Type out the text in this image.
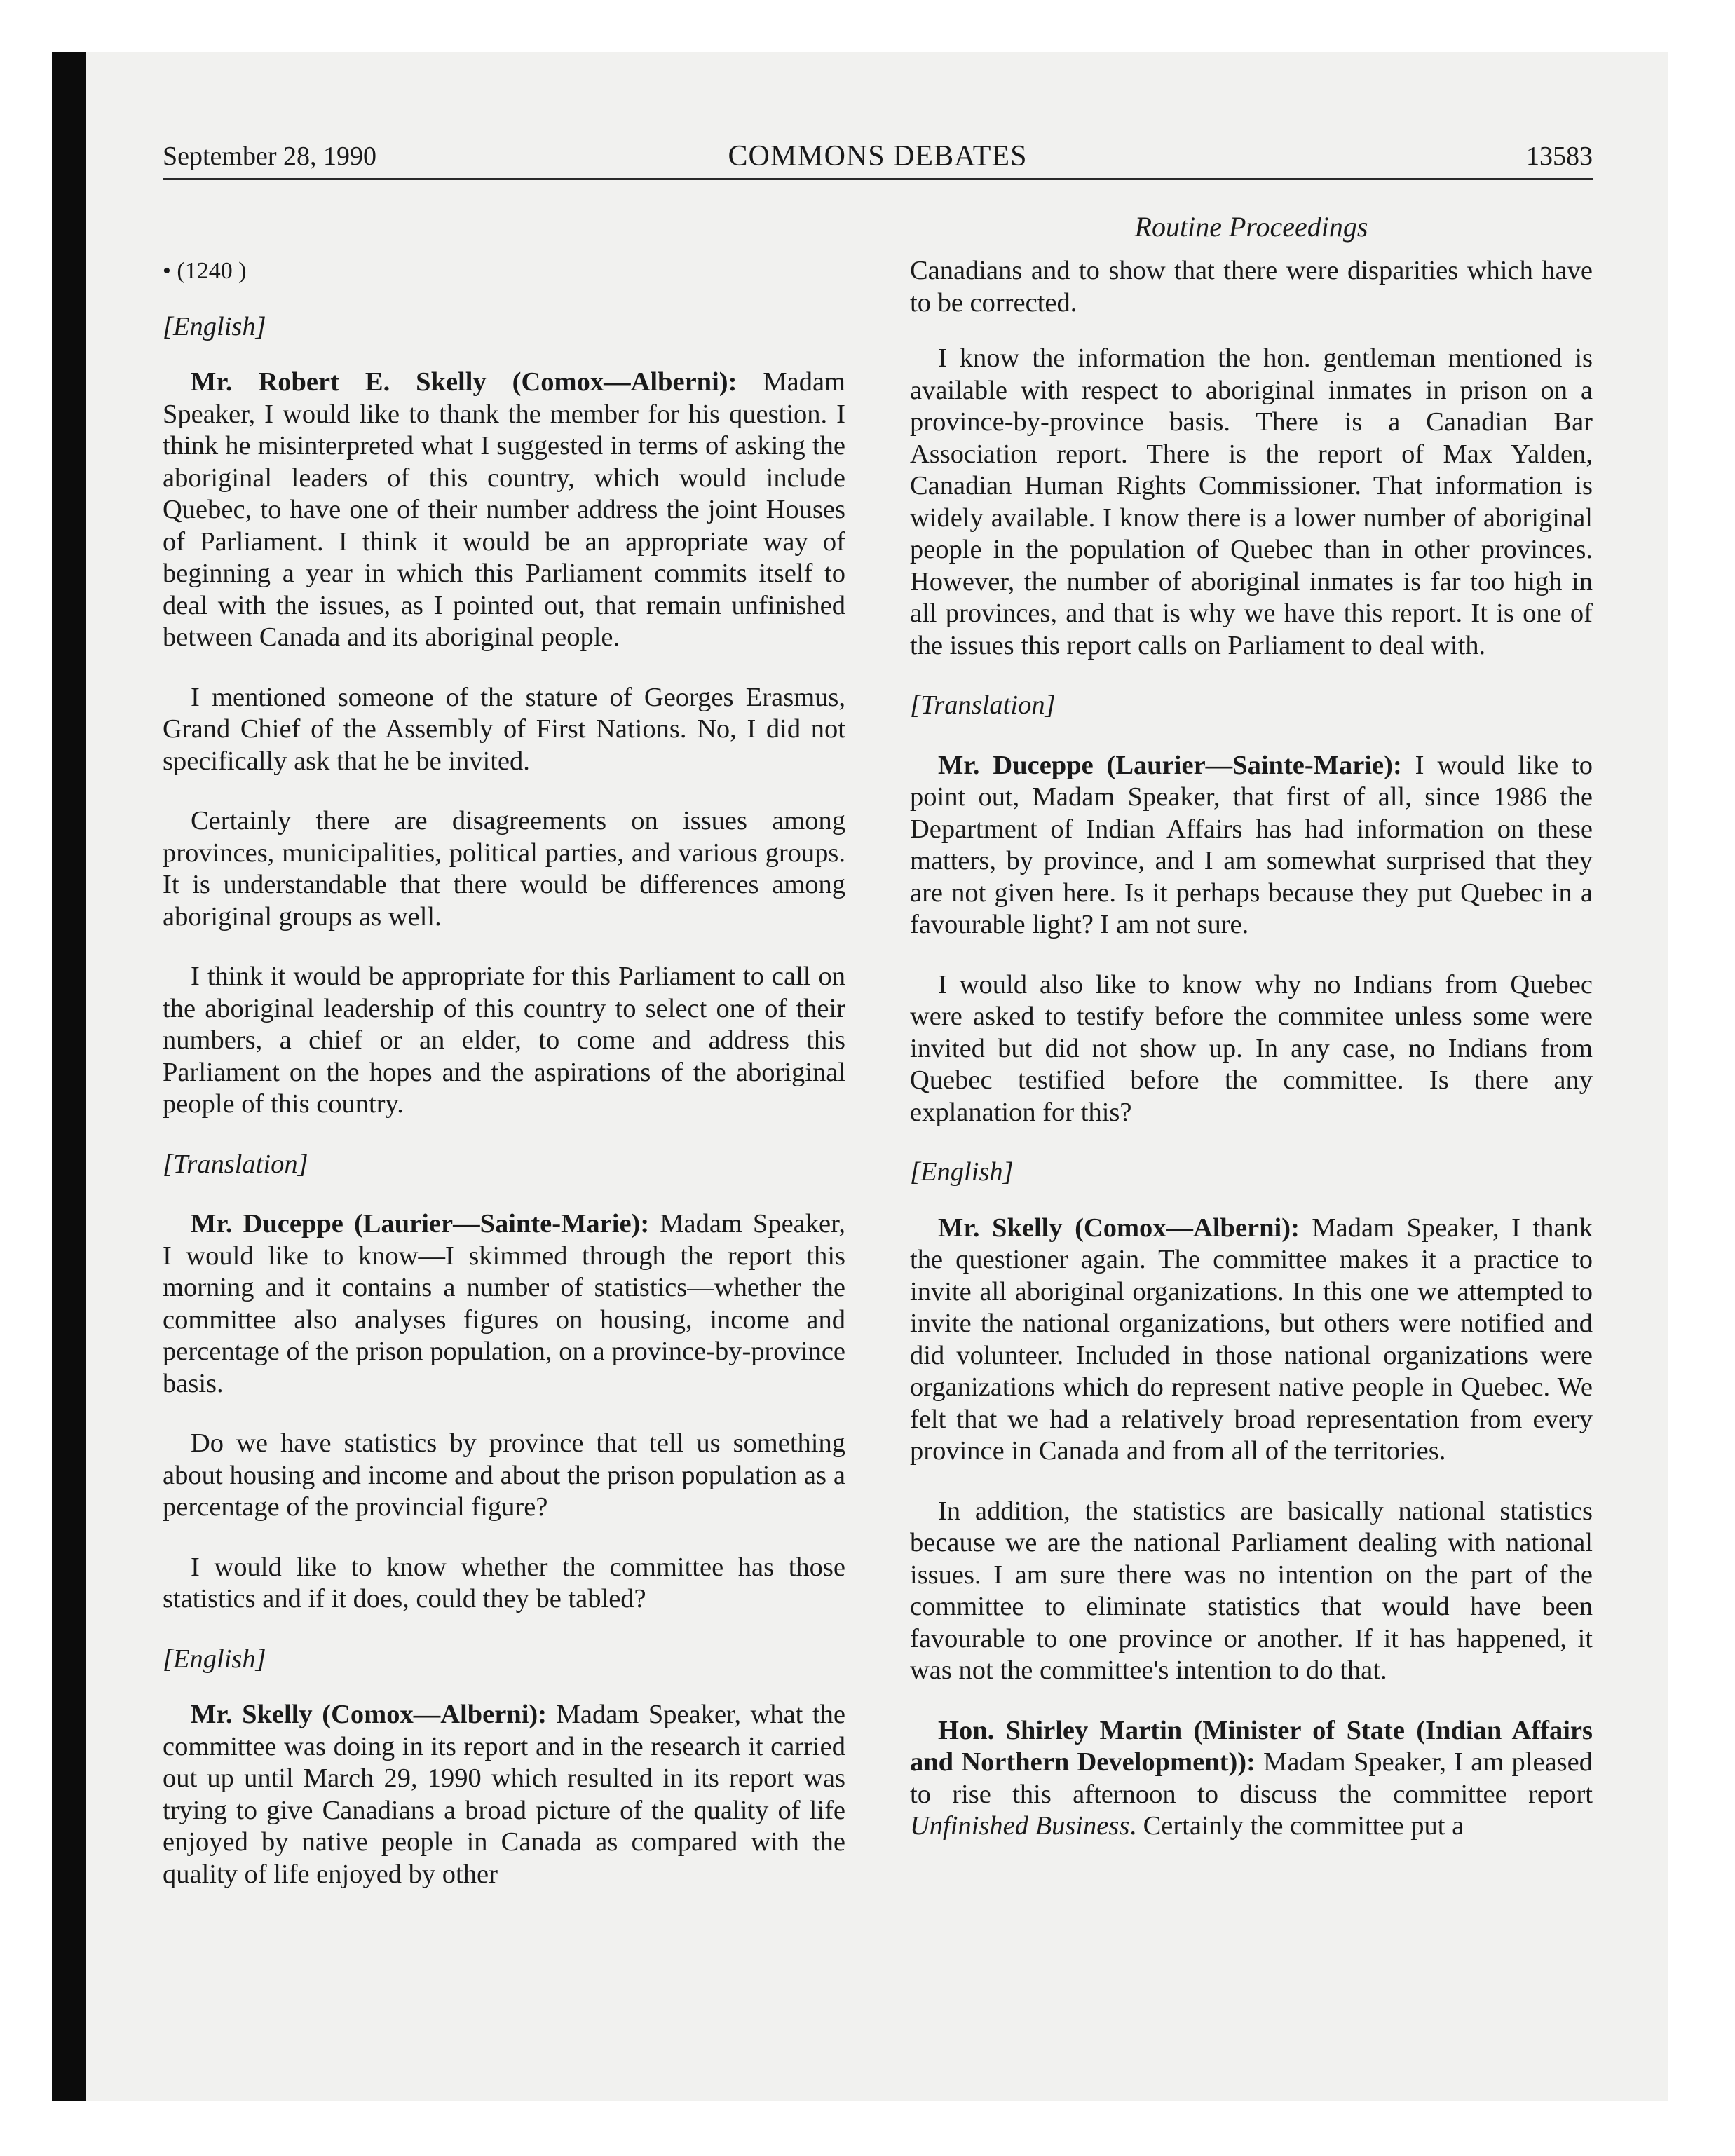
September 28, 1990	COMMONS DEBATES	13583
Routine Proceedings

• (1240 )

[English]

Mr. Robert E. Skelly (Comox—Alberni): Madam Speaker, I would like to thank the member for his question. I think he misinterpreted what I suggested in terms of asking the aboriginal leaders of this country, which would include Quebec, to have one of their number address the joint Houses of Parliament. I think it would be an appropriate way of beginning a year in which this Parliament commits itself to deal with the issues, as I pointed out, that remain unfinished between Canada and its aboriginal people.

I mentioned someone of the stature of Georges Erasmus, Grand Chief of the Assembly of First Nations. No, I did not specifically ask that he be invited.

Certainly there are disagreements on issues among provinces, municipalities, political parties, and various groups. It is understandable that there would be differences among aboriginal groups as well.

I think it would be appropriate for this Parliament to call on the aboriginal leadership of this country to select one of their numbers, a chief or an elder, to come and address this Parliament on the hopes and the aspirations of the aboriginal people of this country.

[Translation]

Mr. Duceppe (Laurier—Sainte-Marie): Madam Speaker, I would like to know—I skimmed through the report this morning and it contains a number of statistics—whether the committee also analyses figures on housing, income and percentage of the prison population, on a province-by-province basis.

Do we have statistics by province that tell us something about housing and income and about the prison population as a percentage of the provincial figure?

I would like to know whether the committee has those statistics and if it does, could they be tabled?

[English]

Mr. Skelly (Comox—Alberni): Madam Speaker, what the committee was doing in its report and in the research it carried out up until March 29, 1990 which resulted in its report was trying to give Canadians a broad picture of the quality of life enjoyed by native people in Canada as compared with the quality of life enjoyed by other

Canadians and to show that there were disparities which have to be corrected.

I know the information the hon. gentleman mentioned is available with respect to aboriginal inmates in prison on a province-by-province basis. There is a Canadian Bar Association report. There is the report of Max Yalden, Canadian Human Rights Commissioner. That information is widely available. I know there is a lower number of aboriginal people in the population of Quebec than in other provinces. However, the number of aboriginal inmates is far too high in all provinces, and that is why we have this report. It is one of the issues this report calls on Parliament to deal with.

[Translation]

Mr. Duceppe (Laurier—Sainte-Marie): I would like to point out, Madam Speaker, that first of all, since 1986 the Department of Indian Affairs has had information on these matters, by province, and I am somewhat surprised that they are not given here. Is it perhaps because they put Quebec in a favourable light? I am not sure.

I would also like to know why no Indians from Quebec were asked to testify before the commitee unless some were invited but did not show up. In any case, no Indians from Quebec testified before the committee. Is there any explanation for this?

[English]

Mr. Skelly (Comox—Alberni): Madam Speaker, I thank the questioner again. The committee makes it a practice to invite all aboriginal organizations. In this one we attempted to invite the national organizations, but others were notified and did volunteer. Included in those national organizations were organizations which do represent native people in Quebec. We felt that we had a relatively broad representation from every province in Canada and from all of the territories.

In addition, the statistics are basically national statistics because we are the national Parliament dealing with national issues. I am sure there was no intention on the part of the committee to eliminate statistics that would have been favourable to one province or another. If it has happened, it was not the committee's intention to do that.

Hon. Shirley Martin (Minister of State (Indian Affairs and Northern Development)): Madam Speaker, I am pleased to rise this afternoon to discuss the committee report Unfinished Business. Certainly the committee put a
